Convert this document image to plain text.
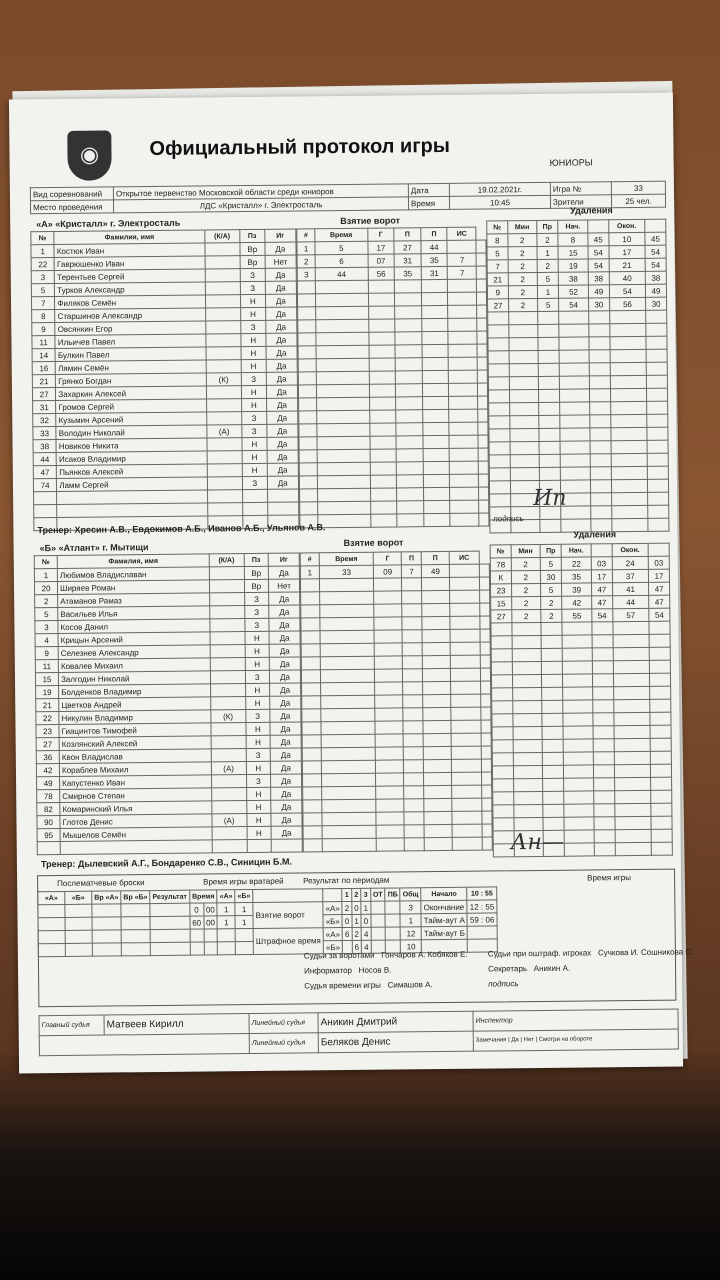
◉	Официальный протокол игры
Вид соревнований	Открытое первенство Московской области среди юниоров	Дата	19.02.2021г.	Игра №	33
Место проведения	ЛДС «Кристалл» г. Электросталь	Время	10:45	Зрители	25 чел.
ЮНИОРЫ
«А» «Кристалл» г. Электросталь	Взятие ворот
Удаления
№	Фамилия, имя	(К/А)	Пз	Иг
1	Костюк Иван		Вр	Да
22	Гаврюшенко Иван		Вр	Нет
3	Терентьев Сергей		З	Да
5	Турков Александр		З	Да
7	Филяков Семён		Н	Да
8	Старшинов Александр		Н	Да
9	Овсянкин Егор		З	Да
11	Ильичев Павел		Н	Да
14	Булкин Павел		Н	Да
16	Лямин Семён		Н	Да
21	Грянко Богдан	(К)	З	Да
27	Захаркин Алексей		Н	Да
31	Громов Сергей		Н	Да
32	Кузьмин Арсений		З	Да
33	Володин Николай	(А)	З	Да
38	Новиков Никита		Н	Да
44	Исаков Владимир		Н	Да
47	Пьянков Алексей		Н	Да
74	Ламм Сергей		З	Да

#	Время	Г	П	П	ИС	
1	5	17	27	44		
2	6	07	31	35	7	
3	44	56	35	31	7	

№	Мин	Пр	Нач.		Окон.	
8	2	2	8	45	10	45
5	2	1	15	54	17	54
7	2	2	19	54	21	54
21	2	5	38	38	40	38
9	2	1	52	49	54	49
27	2	5	54	30	56	30

Ип
подпись
Тренер: Хресин А.В., Евдокимов А.Б., Иванов А.Б., Ульянов А.В.
«Б» «Атлант» г. Мытищи	Взятие ворот
Удаления
№	Фамилия, имя	(К/А)	Пз	Иг
1	Любимов Владиславан		Вр	Да
20	Ширяев Роман		Вр	Нет
2	Атаманов Рамаз		З	Да
5	Васильев Илья		З	Да
3	Косов Данил		З	Да
4	Крицын Арсений		Н	Да
9	Селезнев Александр		Н	Да
11	Ковалев Михаил		Н	Да
15	Залгодин Николай		З	Да
19	Болденков Владимир		Н	Да
21	Цветков Андрей		Н	Да
22	Никулин Владимир	(К)	З	Да
23	Гиацинтов Тимофей		Н	Да
27	Козлянский Алексей		Н	Да
36	Квон Владислав		З	Да
42	Кораблев Михаил	(А)	Н	Да
49	Капустенко Иван		З	Да
78	Смирнов Степан		Н	Да
82	Комаринский Илья		Н	Да
90	Глотов Денис	(А)	Н	Да
95	Мышелов Семён		Н	Да

#	Время	Г	П	П	ИС	
1	33	09	7	49		

№	Мин	Пр	Нач.		Окон.	
78	2	5	22	03	24	03
К	2	30	35	17	37	17
23	2	5	39	47	41	47
15	2	2	42	47	44	47
27	2	2	55	54	57	54

Ан—
Тренер: Дылевский А.Г., Бондаренко С.В., Синицин Б.М.
Послематчевые броски	Время игры вратарей Результат по периодам	Время игры
«А»	«Б»	Вр «А»	Вр «Б»	Результат	Время		«А»	«Б»			1	2	3	ОТ	ПБ	Общ	Начало	10 : 55
					0	00	1	1	Взятие ворот	«А»	2	0	1			3	Окончание	12 : 55
					60	00	1	1		«Б»	0	1	0			1	Тайм-аут А	59 : 06
									Штрафное время	«А»	6	2	4			12	Тайм-аут Б	
										«Б»		6	4			10		
Судьи за воротами Гончаров А. Кобяков Е.
Информатор Носов В.
Судья времени игры Симашов А.
Судьи при оштраф. игроках Сучкова И. Сошникова С.
Секретарь Аникин А.
подпись
Главный судья	Матвеев Кирилл	Линейный судья	Аникин Дмитрий	Инспектор
		Линейный судья	Беляков Денис	Замечания | Да | Нет | Смотри на обороте
